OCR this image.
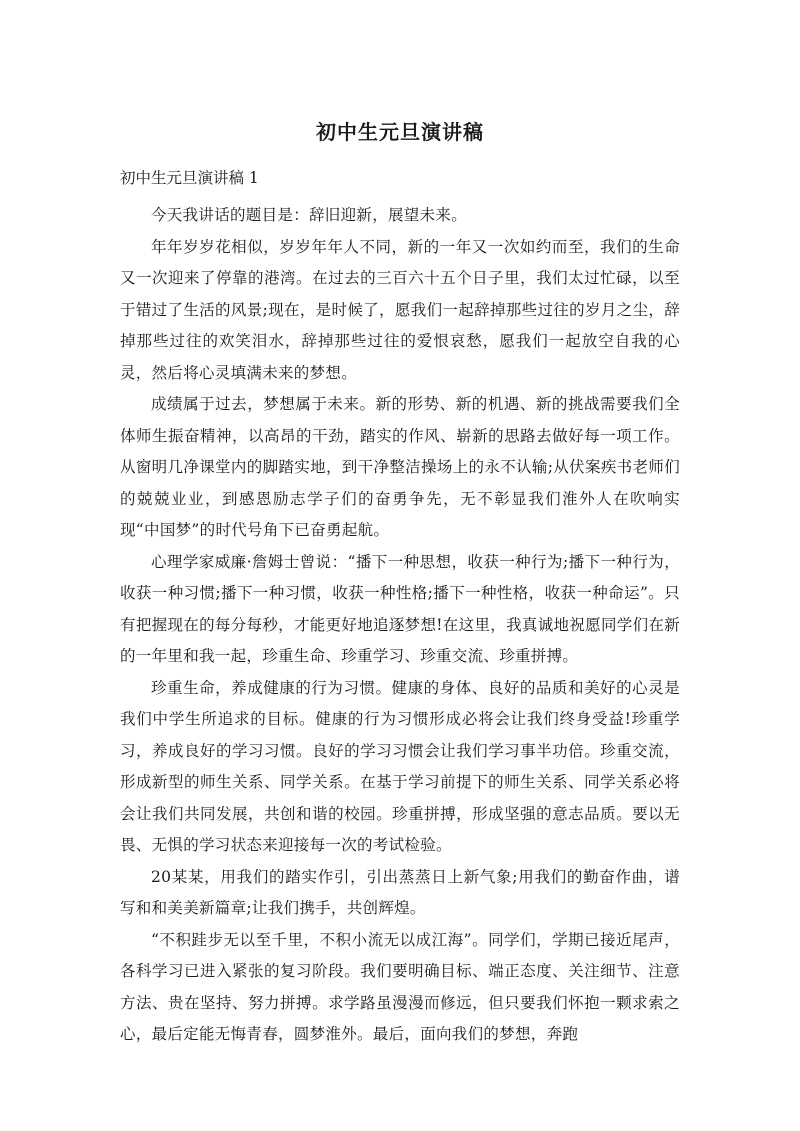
初中生元旦演讲稿
初中生元旦演讲稿 1

今天我讲话的题目是：辞旧迎新，展望未来。

年年岁岁花相似，岁岁年年人不同，新的一年又一次如约而至，我们的生命又一次迎来了停靠的港湾。在过去的三百六十五个日子里，我们太过忙碌，以至于错过了生活的风景;现在，是时候了，愿我们一起辞掉那些过往的岁月之尘，辞掉那些过往的欢笑泪水，辞掉那些过往的爱恨哀愁，愿我们一起放空自我的心灵，然后将心灵填满未来的梦想。

成绩属于过去，梦想属于未来。新的形势、新的机遇、新的挑战需要我们全体师生振奋精神，以高昂的干劲，踏实的作风、崭新的思路去做好每一项工作。从窗明几净课堂内的脚踏实地，到干净整洁操场上的永不认输;从伏案疾书老师们的兢兢业业，到感恩励志学子们的奋勇争先，无不彰显我们淮外人在吹响实现“中国梦”的时代号角下已奋勇起航。

心理学家威廉·詹姆士曾说：“播下一种思想，收获一种行为;播下一种行为，收获一种习惯;播下一种习惯，收获一种性格;播下一种性格，收获一种命运”。只有把握现在的每分每秒，才能更好地追逐梦想!在这里，我真诚地祝愿同学们在新的一年里和我一起，珍重生命、珍重学习、珍重交流、珍重拼搏。

珍重生命，养成健康的行为习惯。健康的身体、良好的品质和美好的心灵是我们中学生所追求的目标。健康的行为习惯形成必将会让我们终身受益!珍重学习，养成良好的学习习惯。良好的学习习惯会让我们学习事半功倍。珍重交流，形成新型的师生关系、同学关系。在基于学习前提下的师生关系、同学关系必将会让我们共同发展，共创和谐的校园。珍重拼搏，形成坚强的意志品质。要以无畏、无惧的学习状态来迎接每一次的考试检验。

20某某，用我们的踏实作引，引出蒸蒸日上新气象;用我们的勤奋作曲，谱写和和美美新篇章;让我们携手，共创辉煌。

“不积跬步无以至千里，不积小流无以成江海”。同学们，学期已接近尾声，各科学习已进入紧张的复习阶段。我们要明确目标、端正态度、关注细节、注意方法、贵在坚持、努力拼搏。求学路虽漫漫而修远，但只要我们怀抱一颗求索之心，最后定能无悔青春，圆梦淮外。最后，面向我们的梦想，奔跑
